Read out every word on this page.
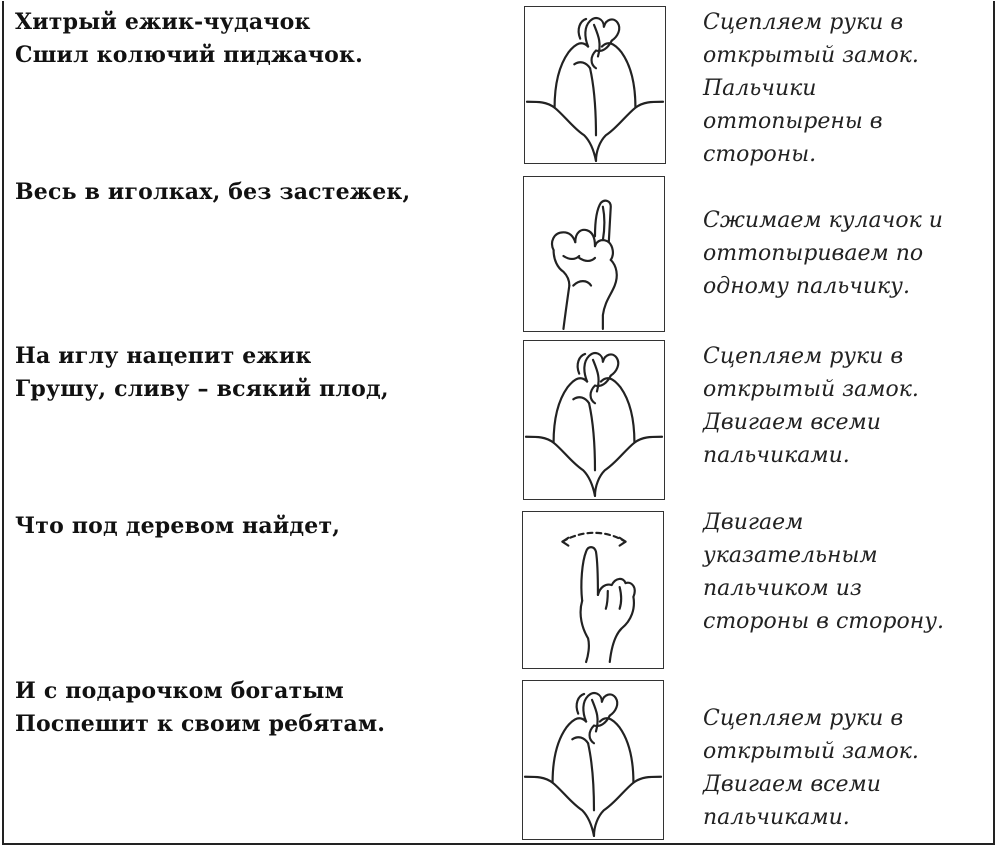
Хитрый ежик-чудачок
Сшил колючий пиджачок.
Сцепляем руки в
открытый замок.
Пальчики
оттопырены в
стороны.
Весь в иголках, без застежек,
Сжимаем кулачок и
оттопыриваем по
одному пальчику.
На иглу нацепит ежик
Грушу, сливу – всякий плод,
Сцепляем руки в
открытый замок.
Двигаем всеми
пальчиками.
Что под деревом найдет,	Двигаем
указательным
пальчиком из
стороны в сторону.
И с подарочком богатым
Поспешит к своим ребятам.	Сцепляем руки в
открытый замок.
Двигаем всеми
пальчиками.
